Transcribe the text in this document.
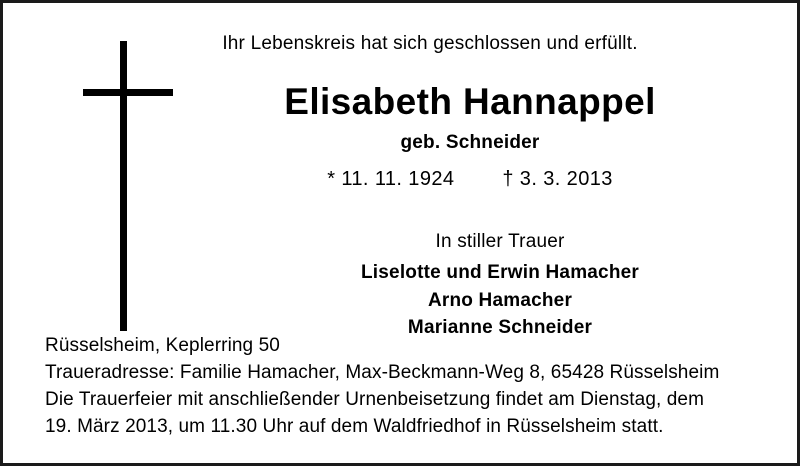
Ihr Lebenskreis hat sich geschlossen und erfüllt.
Elisabeth Hannappel
geb. Schneider
* 11. 11. 1924 † 3. 3. 2013
In stiller Trauer
Liselotte und Erwin Hamacher
Arno Hamacher
Marianne Schneider
Rüsselsheim, Keplerring 50
Traueradresse: Familie Hamacher, Max-Beckmann-Weg 8, 65428 Rüsselsheim
Die Trauerfeier mit anschließender Urnenbeisetzung findet am Dienstag, dem
19. März 2013, um 11.30 Uhr auf dem Waldfriedhof in Rüsselsheim statt.
